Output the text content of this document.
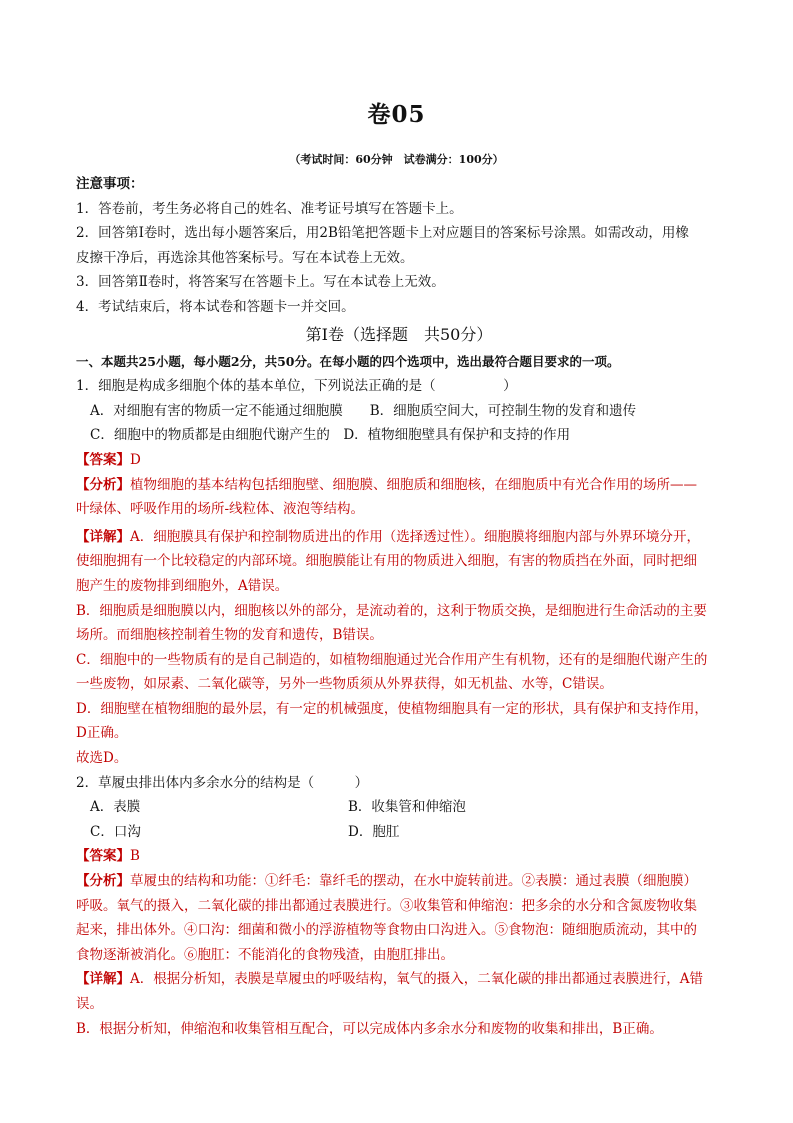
卷05
（考试时间：60分钟　试卷满分：100分）
注意事项：
1．答卷前，考生务必将自己的姓名、准考证号填写在答题卡上。
2．回答第Ⅰ卷时，选出每小题答案后，用2B铅笔把答题卡上对应题目的答案标号涂黑。如需改动，用橡
皮擦干净后，再选涂其他答案标号。写在本试卷上无效。
3．回答第Ⅱ卷时，将答案写在答题卡上。写在本试卷上无效。
4．考试结束后，将本试卷和答题卡一并交回。
第Ⅰ卷（选择题　共50分）
一、本题共25小题，每小题2分，共50分。在每小题的四个选项中，选出最符合题目要求的一项。
1．细胞是构成多细胞个体的基本单位，下列说法正确的是（　　　　　）
A．对细胞有害的物质一定不能通过细胞膜　　B．细胞质空间大，可控制生物的发育和遗传
C．细胞中的物质都是由细胞代谢产生的　D．植物细胞壁具有保护和支持的作用
【答案】D
【分析】植物细胞的基本结构包括细胞壁、细胞膜、细胞质和细胞核，在细胞质中有光合作用的场所——
叶绿体、呼吸作用的场所-线粒体、液泡等结构。
【详解】A．细胞膜具有保护和控制物质进出的作用（选择透过性）。细胞膜将细胞内部与外界环境分开，
使细胞拥有一个比较稳定的内部环境。细胞膜能让有用的物质进入细胞，有害的物质挡在外面，同时把细
胞产生的废物排到细胞外，A错误。
B．细胞质是细胞膜以内，细胞核以外的部分，是流动着的，这利于物质交换，是细胞进行生命活动的主要
场所。而细胞核控制着生物的发育和遗传，B错误。
C．细胞中的一些物质有的是自己制造的，如植物细胞通过光合作用产生有机物，还有的是细胞代谢产生的
一些废物，如尿素、二氧化碳等，另外一些物质须从外界获得，如无机盐、水等，C错误。
D．细胞壁在植物细胞的最外层，有一定的机械强度，使植物细胞具有一定的形状，具有保护和支持作用，
D正确。
故选D。
2．草履虫排出体内多余水分的结构是（　　　）
A．表膜	B．收集管和伸缩泡
C．口沟	D．胞肛
【答案】B
【分析】草履虫的结构和功能：①纤毛：靠纤毛的摆动，在水中旋转前进。②表膜：通过表膜（细胞膜）
呼吸。氧气的摄入，二氧化碳的排出都通过表膜进行。③收集管和伸缩泡：把多余的水分和含氮废物收集
起来，排出体外。④口沟：细菌和微小的浮游植物等食物由口沟进入。⑤食物泡：随细胞质流动，其中的
食物逐渐被消化。⑥胞肛：不能消化的食物残渣，由胞肛排出。
【详解】A．根据分析知，表膜是草履虫的呼吸结构，氧气的摄入，二氧化碳的排出都通过表膜进行，A错
误。
B．根据分析知，伸缩泡和收集管相互配合，可以完成体内多余水分和废物的收集和排出，B正确。
